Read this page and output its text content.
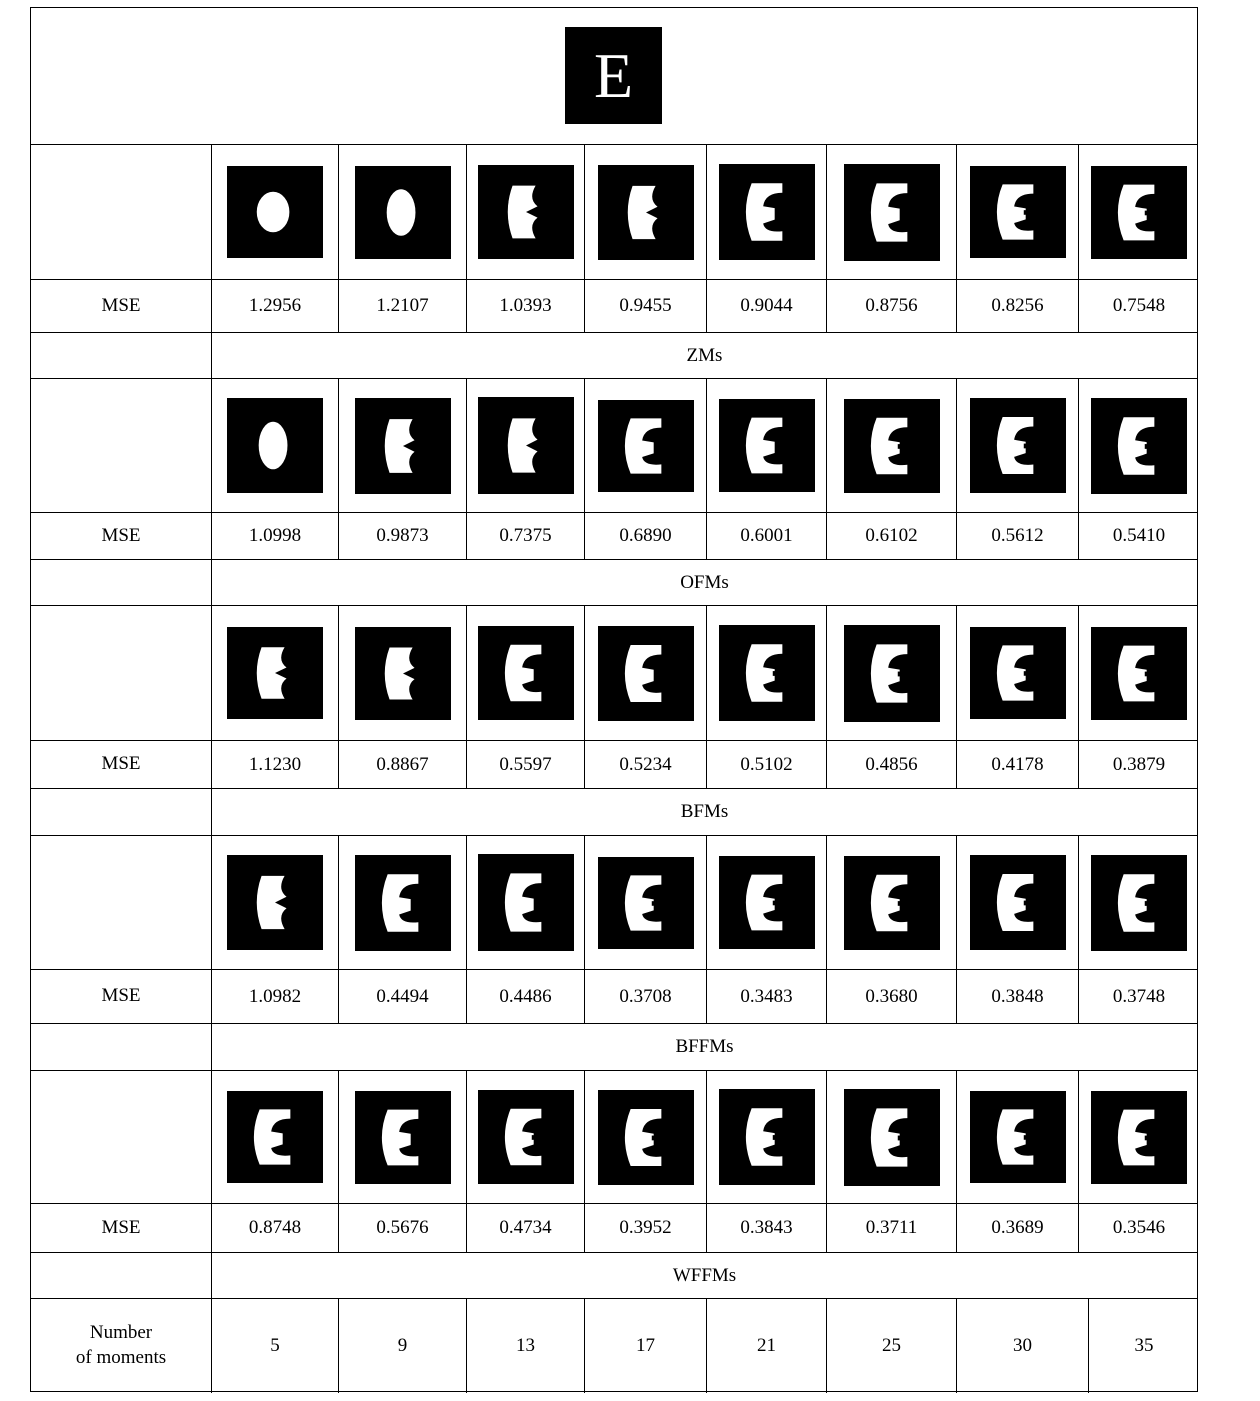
E
MSE	1.2956	1.2107	1.0393	0.9455	0.9044	0.8756	0.8256	0.7548
ZMs
MSE	1.0998	0.9873	0.7375	0.6890	0.6001	0.6102	0.5612	0.5410
OFMs
MSE	1.1230	0.8867	0.5597	0.5234	0.5102	0.4856	0.4178	0.3879
BFMs
MSE	1.0982	0.4494	0.4486	0.3708	0.3483	0.3680	0.3848	0.3748
BFFMs
MSE	0.8748	0.5676	0.4734	0.3952	0.3843	0.3711	0.3689	0.3546
WFFMs
Number
of moments
5	9	13	17	21	25	30	35
